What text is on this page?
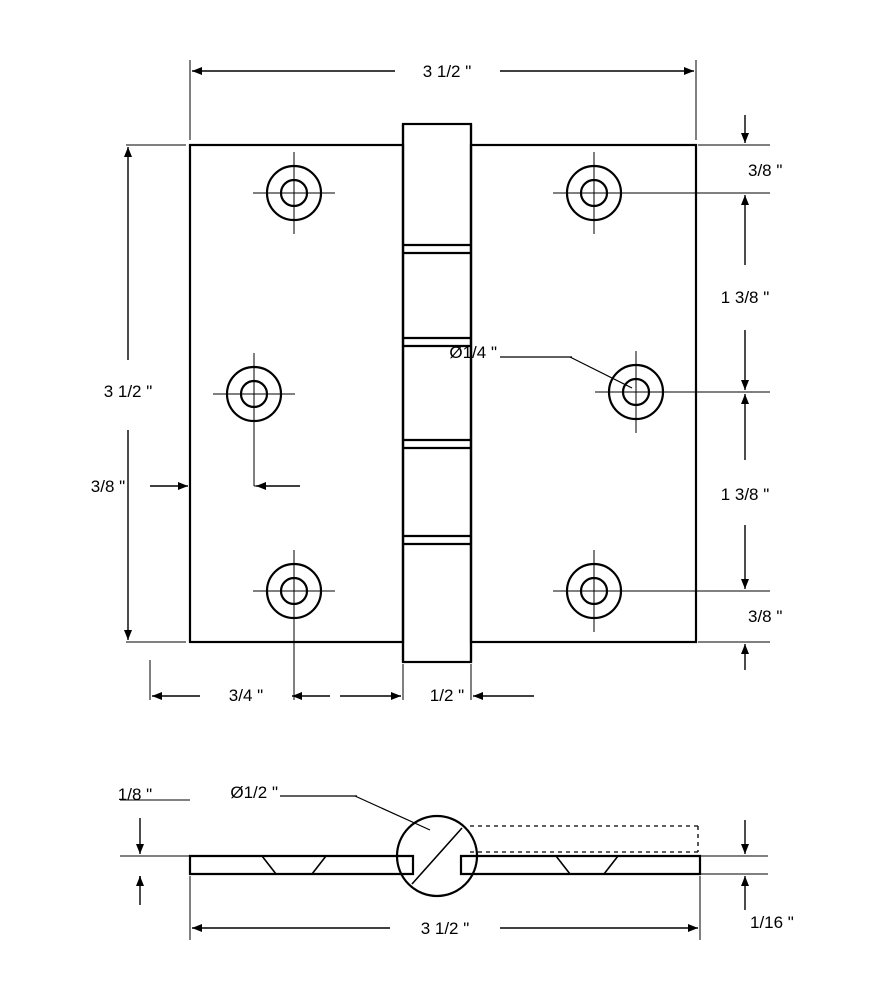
3 1/2 "
3 1/2 "
3/8 "
3/8 "
1 3/8 "
1 3/8 "
3/8 "
Ø1/4 "
3/4 "	1/2 "
1/8 "
1/16 "
Ø1/2 "
3 1/2 "
